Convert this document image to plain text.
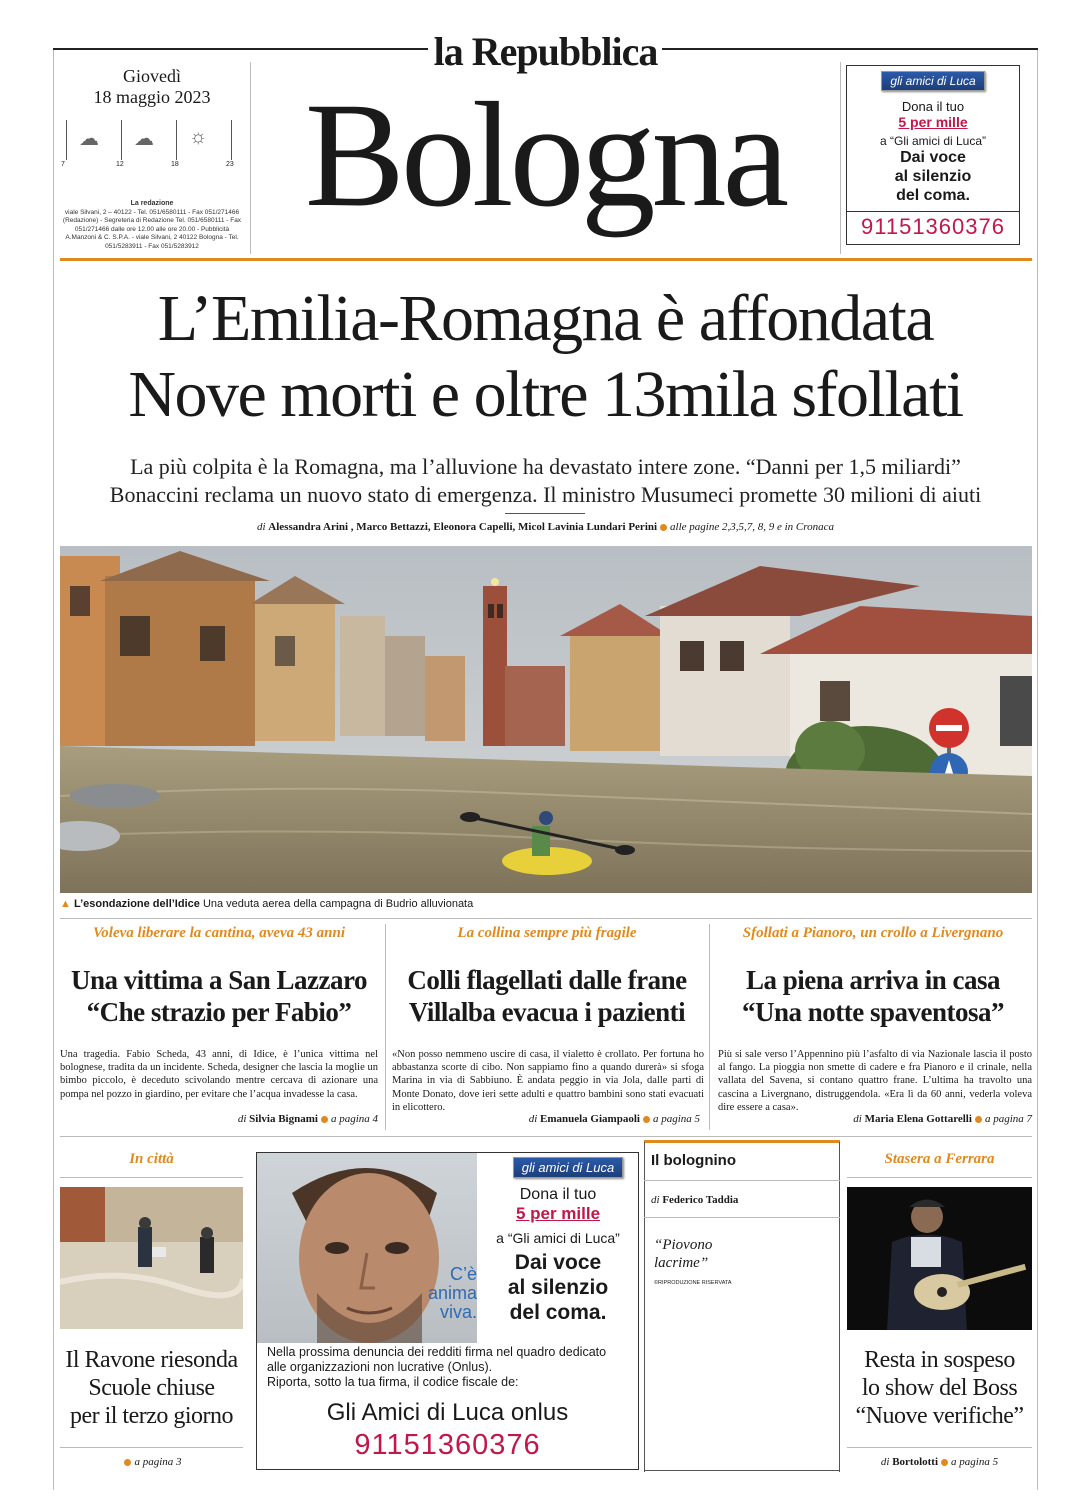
la Repubblica
Giovedì
18 maggio 2023
7
☁
12
☁
18
☼
23
La redazione
viale Silvani, 2 – 40122 - Tel. 051/6580111 - Fax 051/271466 (Redazione) - Segreteria di Redazione Tel. 051/6580111 - Fax 051/271466 dalle ore 12.00 alle ore 20.00 - Pubblicità A.Manzoni & C. S.P.A. - viale Silvani, 2 40122 Bologna - Tel. 051/5283911 - Fax 051/5283912
Bologna	gli amici di Luca
Dona il tuo
5 per mille
a “Gli amici di Luca”
Dai voce
al silenzio
del coma.
91151360376
L’Emilia-Romagna è affondata
Nove morti e oltre 13mila sfollati
La più colpita è la Romagna, ma l’alluvione ha devastato intere zone. “Danni per 1,5 miliardi”
Bonaccini reclama un nuovo stato di emergenza. Il ministro Musumeci promette 30 milioni di aiuti
di Alessandra Arini , Marco Bettazzi, Eleonora Capelli, Micol Lavinia Lundari Perini alle pagine 2,3,5,7, 8, 9 e in Cronaca
▲ L’esondazione dell’Idice Una veduta aerea della campagna di Budrio alluvionata
Voleva liberare la cantina, aveva 43 anni
Una vittima a San Lazzaro
“Che strazio per Fabio”
Una tragedia. Fabio Scheda, 43 anni, di Idice, è l’unica vittima nel bolognese, tradita da un incidente. Scheda, designer che lascia la moglie un bimbo piccolo, è deceduto scivolando mentre cercava di azionare una pompa nel pozzo in giardino, per evitare che l’acqua invadesse la casa.
di Silvia Bignami a pagina 4
La collina sempre più fragile
Colli flagellati dalle frane
Villalba evacua i pazienti
«Non posso nemmeno uscire di casa, il vialetto è crollato. Per fortuna ho abbastanza scorte di cibo. Non sappiamo fino a quando durerà» si sfoga Marina in via di Sabbiuno. È andata peggio in via Jola, dalle parti di Monte Donato, dove ieri sette adulti e quattro bambini sono stati evacuati in elicottero.
di Emanuela Giampaoli a pagina 5
Sfollati a Pianoro, un crollo a Livergnano
La piena arriva in casa
“Una notte spaventosa”
Più si sale verso l’Appennino più l’asfalto di via Nazionale lascia il posto al fango. La pioggia non smette di cadere e fra Pianoro e il crinale, nella vallata del Savena, si contano quattro frane. L’ultima ha travolto una cascina a Livergnano, distruggendola. «Era lì da 60 anni, vederla voleva dire essere a casa».
di Maria Elena Gottarelli a pagina 7
In città
Il Ravone riesonda
Scuole chiuse
per il terzo giorno
a pagina 3
C’è
anima
viva.
gli amici di Luca
Dona il tuo
5 per mille
a “Gli amici di Luca”
Dai voce
al silenzio
del coma.
Nella prossima denuncia dei redditi firma nel quadro dedicato
alle organizzazioni non lucrative (Onlus).
Riporta, sotto la tua firma, il codice fiscale de:
Gli Amici di Luca onlus
91151360376
Il bolognino
di Federico Taddia
“Piovono
lacrime”
©RIPRODUZIONE RISERVATA
Stasera a Ferrara
Resta in sospeso
lo show del Boss
“Nuove verifiche”
di Bortolotti a pagina 5
